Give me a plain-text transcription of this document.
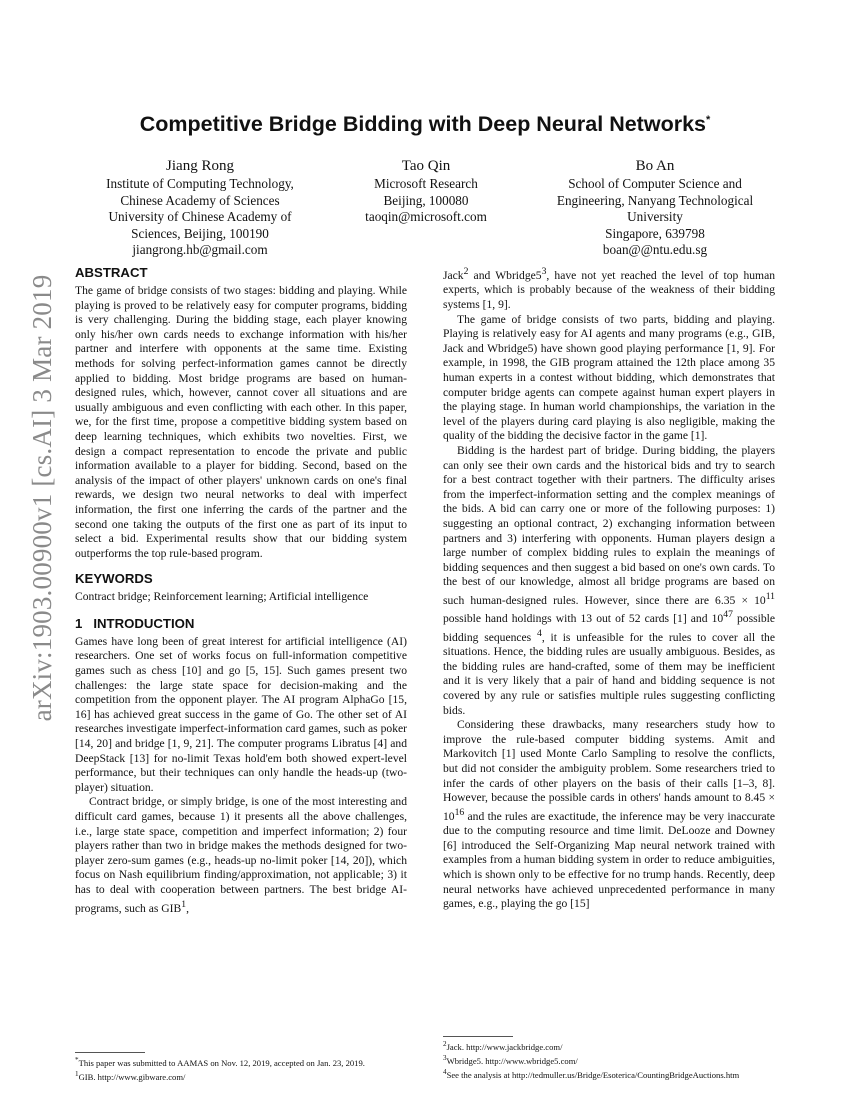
arXiv:1903.00900v1 [cs.AI] 3 Mar 2019
Competitive Bridge Bidding with Deep Neural Networks*
Jiang Rong
Institute of Computing Technology,
Chinese Academy of Sciences
University of Chinese Academy of
Sciences, Beijing, 100190
jiangrong.hb@gmail.com
Tao Qin
Microsoft Research
Beijing, 100080
taoqin@microsoft.com
Bo An
School of Computer Science and
Engineering, Nanyang Technological
University
Singapore, 639798
boan@@ntu.edu.sg
ABSTRACT

The game of bridge consists of two stages: bidding and playing. While playing is proved to be relatively easy for computer programs, bidding is very challenging. During the bidding stage, each player knowing only his/her own cards needs to exchange information with his/her partner and interfere with opponents at the same time. Existing methods for solving perfect-information games cannot be directly applied to bidding. Most bridge programs are based on human-designed rules, which, however, cannot cover all situations and are usually ambiguous and even conflicting with each other. In this paper, we, for the first time, propose a competitive bidding system based on deep learning techniques, which exhibits two novelties. First, we design a compact representation to encode the private and public information available to a player for bidding. Second, based on the analysis of the impact of other players' unknown cards on one's final rewards, we design two neural networks to deal with imperfect information, the first one inferring the cards of the partner and the second one taking the outputs of the first one as part of its input to select a bid. Experimental results show that our bidding system outperforms the top rule-based program.

KEYWORDS

Contract bridge; Reinforcement learning; Artificial intelligence

1   INTRODUCTION

Games have long been of great interest for artificial intelligence (AI) researchers. One set of works focus on full-information competitive games such as chess [10] and go [5, 15]. Such games present two challenges: the large state space for decision-making and the competition from the opponent player. The AI program AlphaGo [15, 16] has achieved great success in the game of Go. The other set of AI researches investigate imperfect-information card games, such as poker [14, 20] and bridge [1, 9, 21]. The computer programs Libratus [4] and DeepStack [13] for no-limit Texas hold'em both showed expert-level performance, but their techniques can only handle the heads-up (two-player) situation.

Contract bridge, or simply bridge, is one of the most interesting and difficult card games, because 1) it presents all the above challenges, i.e., large state space, competition and imperfect information; 2) four players rather than two in bridge makes the methods designed for two-player zero-sum games (e.g., heads-up no-limit poker [14, 20]), which focus on Nash equilibrium finding/approximation, not applicable; 3) it has to deal with cooperation between partners. The best bridge AI-programs, such as GIB$^1$,

Jack$^2$ and $Wbridge5^3$, have not yet reached the level of top human experts, which is probably because of the weakness of their bidding systems [1, 9].

The game of bridge consists of two parts, bidding and playing. Playing is relatively easy for AI agents and many programs (e.g., GIB, Jack and Wbridge5) have shown good playing performance [1, 9]. For example, in 1998, the GIB program attained the 12th place among 35 human experts in a contest without bidding, which demonstrates that computer bridge agents can compete against human expert players in the playing stage. In human world championships, the variation in the level of the players during card playing is also negligible, making the quality of the bidding the decisive factor in the game [1].

Bidding is the hardest part of bridge. During bidding, the players can only see their own cards and the historical bids and try to search for a best contract together with their partners. The difficulty arises from the imperfect-information setting and the complex meanings of the bids. A bid can carry one or more of the following purposes: 1) suggesting an optional contract, 2) exchanging information between partners and 3) interfering with opponents. Human players design a large number of complex bidding rules to explain the meanings of bidding sequences and then suggest a bid based on one's own cards. To the best of our knowledge, almost all bridge programs are based on such human-designed rules. However, since there are $6.35 \times 10^{11}$ possible hand holdings with 13 out of 52 cards [1] and $10^{47}$ possible bidding sequences $^4$, it is unfeasible for the rules to cover all the situations. Hence, the bidding rules are usually ambiguous. Besides, as the bidding rules are hand-crafted, some of them may be inefficient and it is very likely that a pair of hand and bidding sequence is not covered by any rule or satisfies multiple rules suggesting conflicting bids.

Considering these drawbacks, many researchers study how to improve the rule-based computer bidding systems. Amit and Markovitch [1] used Monte Carlo Sampling to resolve the conflicts, but did not consider the ambiguity problem. Some researchers tried to infer the cards of other players on the basis of their calls [1–3, 8]. However, because the possible cards in others' hands amount to $8.45 \times 10^{16}$ and the rules are exactitude, the inference may be very inaccurate due to the computing resource and time limit. DeLooze and Downey [6] introduced the Self-Organizing Map neural network trained with examples from a human bidding system in order to reduce ambiguities, which is shown only to be effective for no trump hands. Recently, deep neural networks have achieved unprecedented performance in many games, e.g., playing the go [15]

*This paper was submitted to AAMAS on Nov. 12, 2019, accepted on Jan. 23, 2019.
$^1$GIB. http://www.gibware.com/
$^2$Jack. http://www.jackbridge.com/
$^3$Wbridge5. http://www.wbridge5.com/
$^4$See the analysis at http://tedmuller.us/Bridge/Esoterica/CountingBridgeAuctions.htm
